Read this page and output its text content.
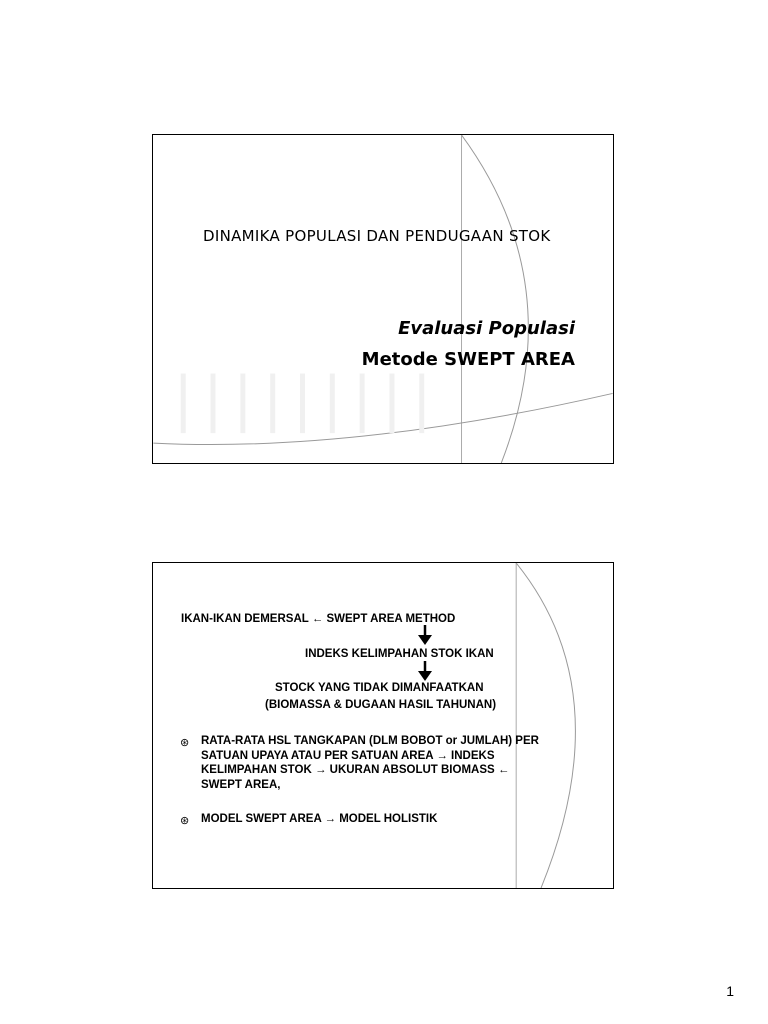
DINAMIKA POPULASI DAN PENDUGAAN STOK

Evaluasi Populasi

Metode SWEPT AREA

IKAN-IKAN DEMERSAL ← SWEPT AREA METHOD
INDEKS KELIMPAHAN STOK IKAN
STOCK YANG TIDAK DIMANFAATKAN
(BIOMASSA & DUGAAN HASIL TAHUNAN)
⊛ RATA-RATA HSL TANGKAPAN (DLM BOBOT or JUMLAH) PER
SATUAN UPAYA ATAU PER SATUAN AREA → INDEKS
KELIMPAHAN STOK → UKURAN ABSOLUT BIOMASS ←
SWEPT AREA,
⊛ MODEL SWEPT AREA → MODEL HOLISTIK
1
